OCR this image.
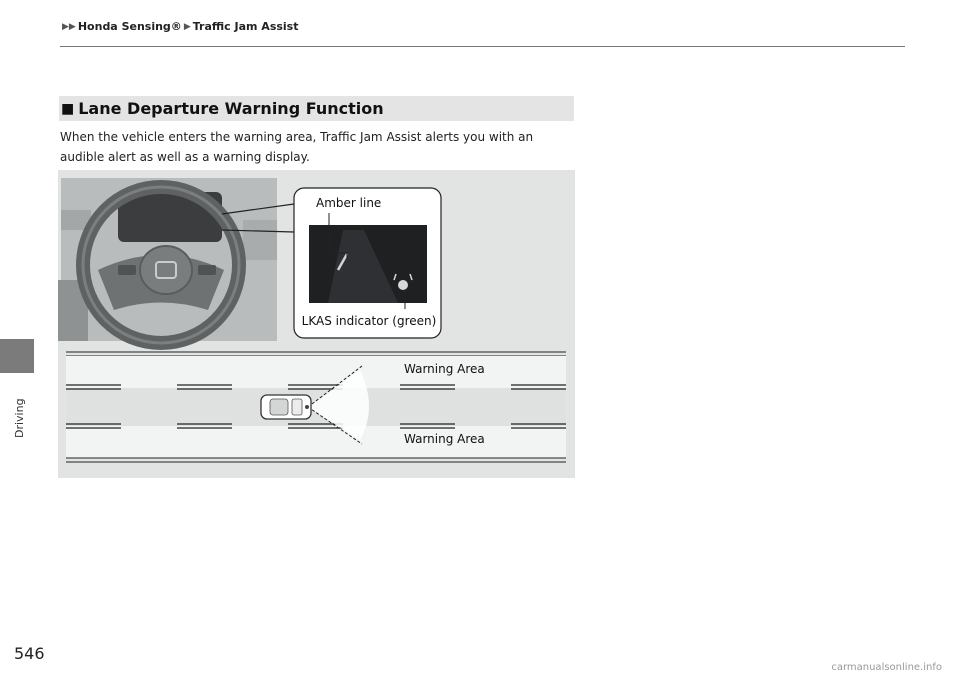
▶▶ Honda Sensing® ▶ Traffic Jam Assist
Driving
■ Lane Departure Warning Function
When the vehicle enters the warning area, Traffic Jam Assist alerts you with an audible alert as well as a warning display.
Amber line
LKAS indicator (green)
Warning Area
Warning Area
546
carmanualsonline.info
